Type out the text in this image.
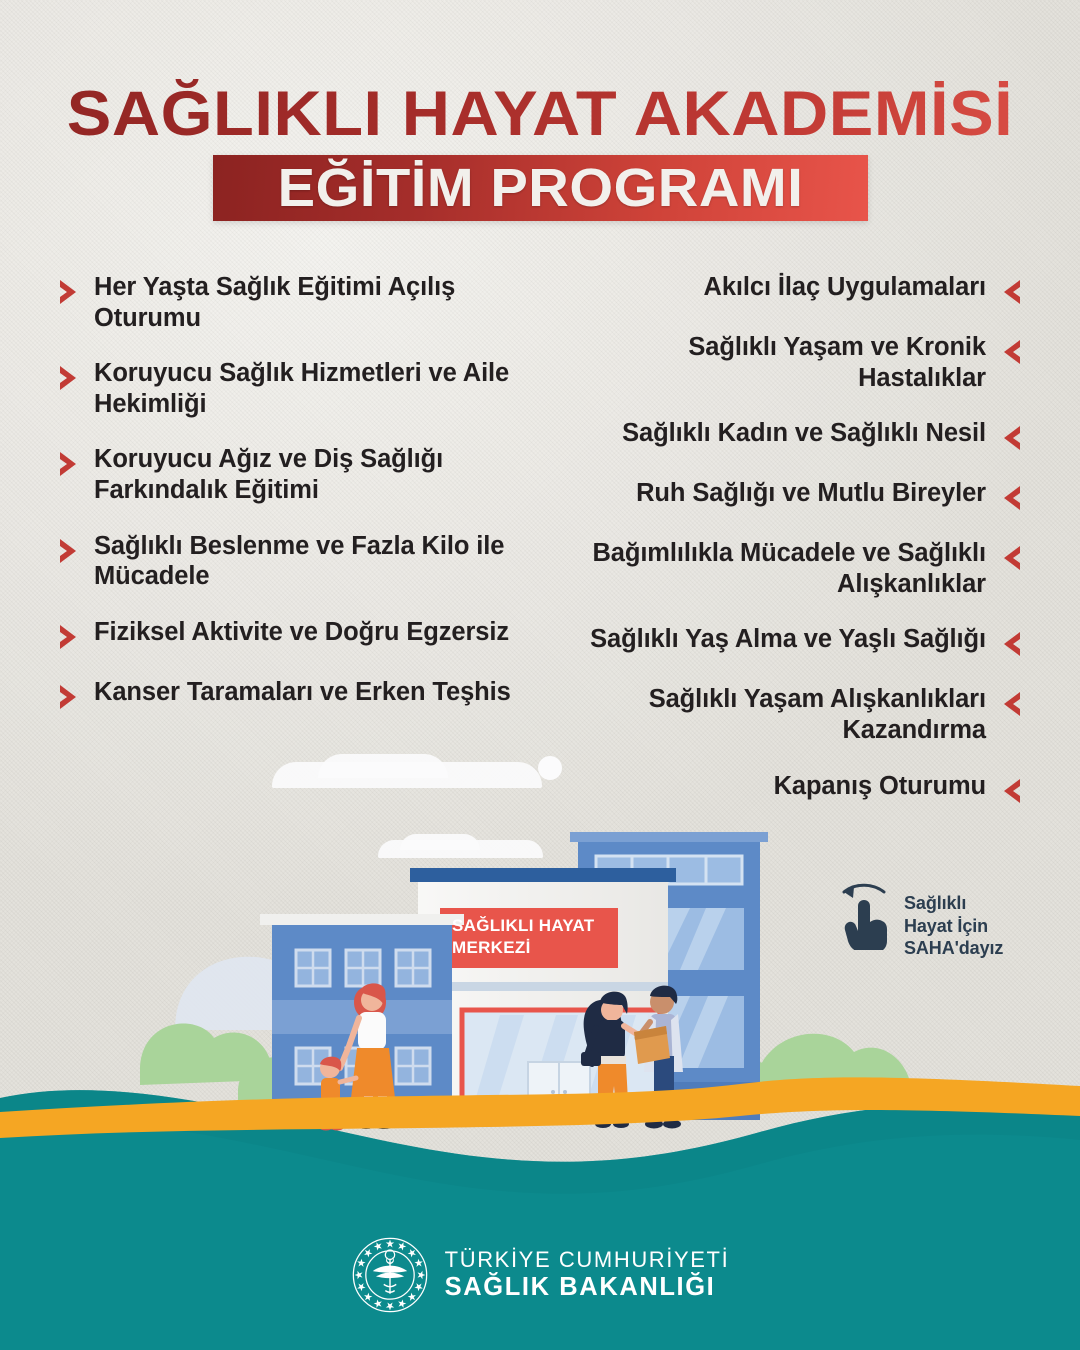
SAĞLIKLI HAYAT AKADEMİSİ
EĞİTİM PROGRAMI
Her Yaşta Sağlık Eğitimi Açılış Oturumu
Koruyucu Sağlık Hizmetleri ve Aile Hekimliği
Koruyucu Ağız ve Diş Sağlığı Farkındalık Eğitimi
Sağlıklı Beslenme ve Fazla Kilo ile Mücadele
Fiziksel Aktivite ve Doğru Egzersiz
Kanser Taramaları ve Erken Teşhis
Akılcı İlaç Uygulamaları
Sağlıklı Yaşam ve Kronik Hastalıklar
Sağlıklı Kadın ve Sağlıklı Nesil
Ruh Sağlığı ve Mutlu Bireyler
Bağımlılıkla Mücadele ve Sağlıklı Alışkanlıklar
Sağlıklı Yaş Alma ve Yaşlı Sağlığı
Sağlıklı Yaşam Alışkanlıkları Kazandırma
Kapanış Oturumu
Sağlıklı
Hayat İçin
SAHA'dayız
SAĞLIKLI HAYAT
MERKEZİ
TÜRKİYE CUMHURİYETİ
SAĞLIK BAKANLIĞI
